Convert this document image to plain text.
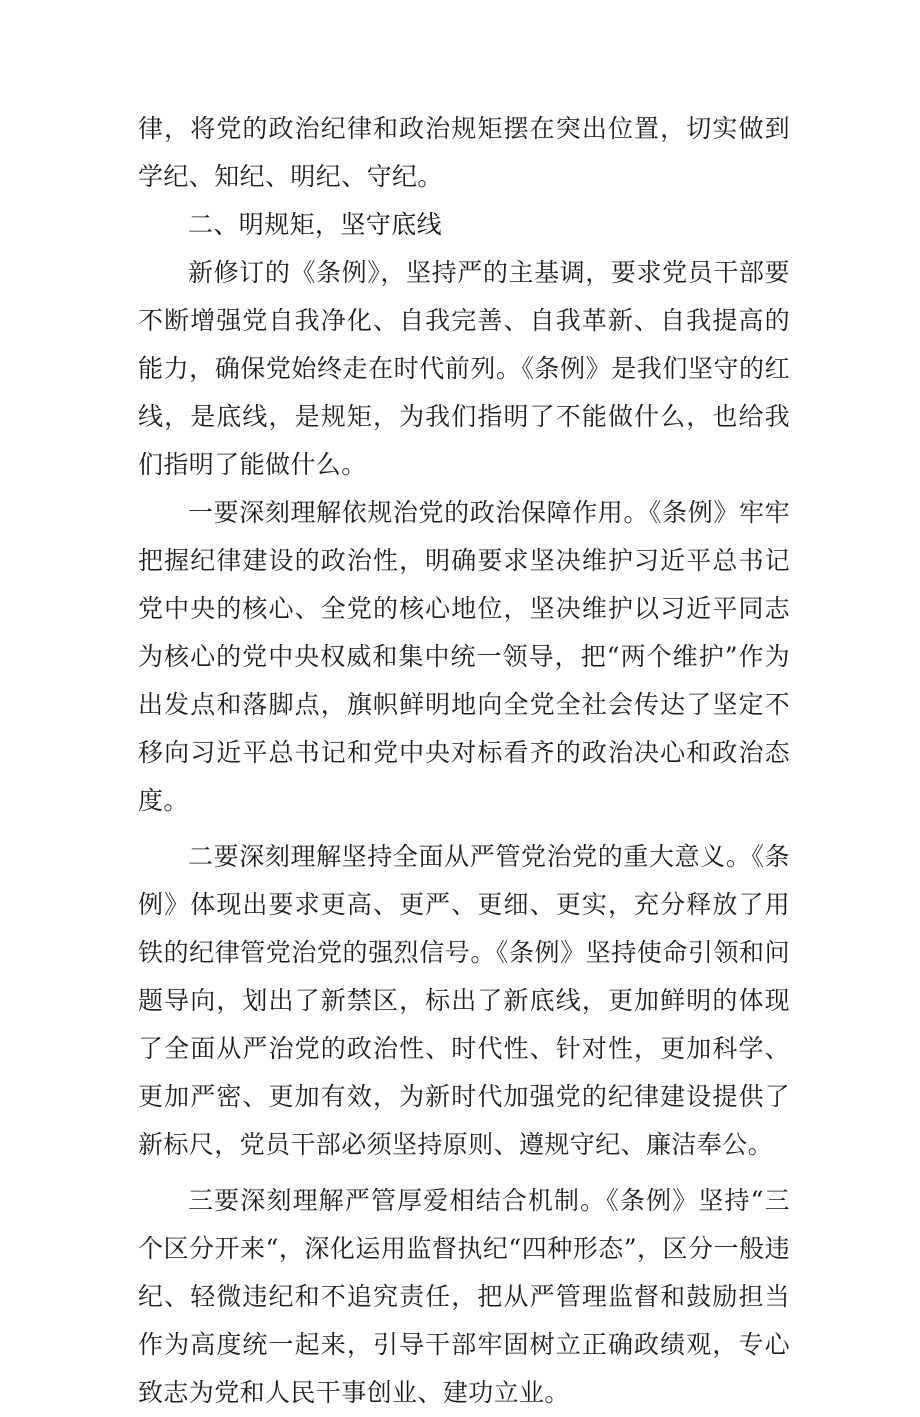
律，将党的政治纪律和政治规矩摆在突出位置，切实做到学纪、知纪、明纪、守纪。

二、明规矩，坚守底线

新修订的《条例》，坚持严的主基调，要求党员干部要不断增强党自我净化、自我完善、自我革新、自我提高的能力，确保党始终走在时代前列。《条例》是我们坚守的红线，是底线，是规矩，为我们指明了不能做什么，也给我们指明了能做什么。

一要深刻理解依规治党的政治保障作用。《条例》牢牢把握纪律建设的政治性，明确要求坚决维护习近平总书记党中央的核心、全党的核心地位，坚决维护以习近平同志为核心的党中央权威和集中统一领导，把“两个维护”作为出发点和落脚点，旗帜鲜明地向全党全社会传达了坚定不移向习近平总书记和党中央对标看齐的政治决心和政治态度。

二要深刻理解坚持全面从严管党治党的重大意义。《条例》体现出要求更高、更严、更细、更实，充分释放了用铁的纪律管党治党的强烈信号。《条例》坚持使命引领和问题导向，划出了新禁区，标出了新底线，更加鲜明的体现了全面从严治党的政治性、时代性、针对性，更加科学、更加严密、更加有效，为新时代加强党的纪律建设提供了新标尺，党员干部必须坚持原则、遵规守纪、廉洁奉公。

三要深刻理解严管厚爱相结合机制。《条例》坚持“三个区分开来“，深化运用监督执纪“四种形态”，区分一般违纪、轻微违纪和不追究责任，把从严管理监督和鼓励担当作为高度统一起来，引导干部牢固树立正确政绩观，专心致志为党和人民干事创业、建功立业。
